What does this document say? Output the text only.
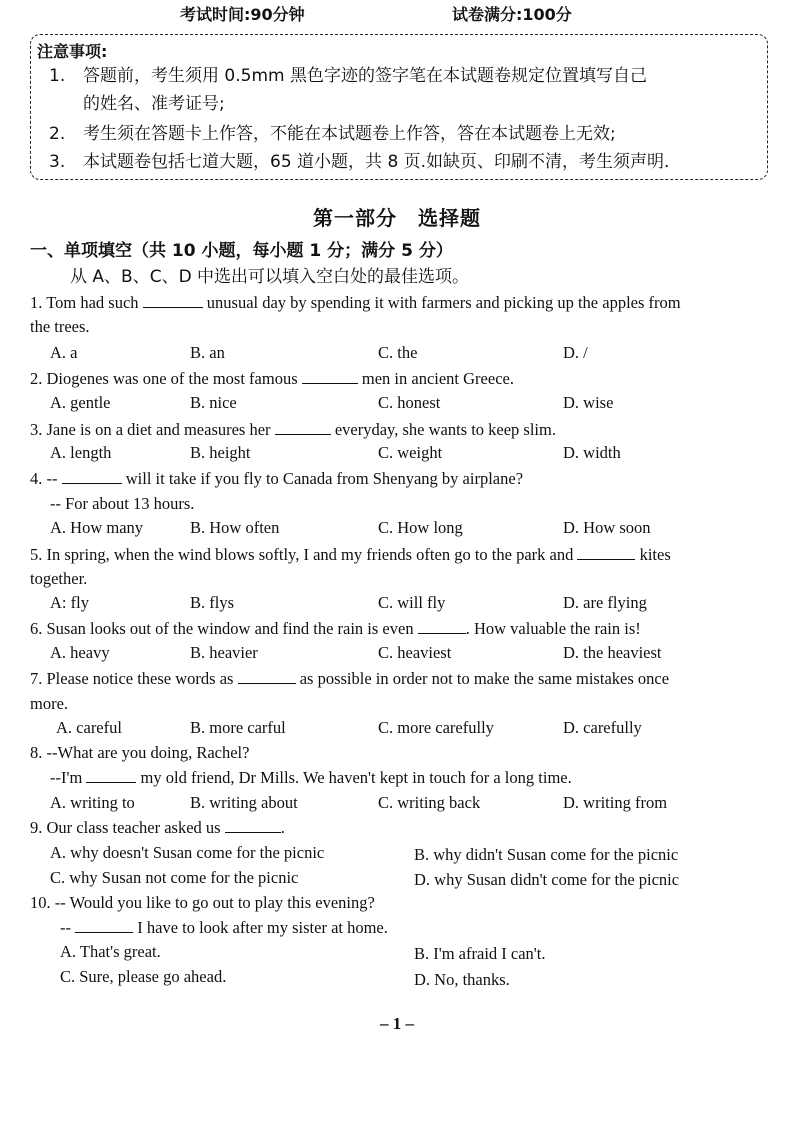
考试时间:90分钟	试卷满分:100分
注意事项:
1.	答题前，考生须用 0.5mm 黑色字迹的签字笔在本试题卷规定位置填写自己
的姓名、准考证号;
2.	考生须在答题卡上作答，不能在本试题卷上作答，答在本试题卷上无效;
3.	本试题卷包括七道大题，65 道小题，共 8 页.如缺页、印刷不清，考生须声明.
第一部分　选择题
一、单项填空（共 10 小题，每小题 1 分；满分 5 分）
从 A、B、C、D 中选出可以填入空白处的最佳选项。
1. Tom had such	unusual day by spending it with farmers and picking up the apples from
the trees.
A. a	B. an	C. the	D. /
2. Diogenes was one of the most famous	men in ancient Greece.
A. gentle	B. nice	C. honest	D. wise
3. Jane is on a diet and measures her	everyday, she wants to keep slim.
A. length	B. height	C. weight	D. width
4. --	will it take if you fly to Canada from Shenyang by airplane?
-- For about 13 hours.
A. How many	B. How often	C. How long	D. How soon
5. In spring, when the wind blows softly, I and my friends often go to the park and	kites
together.
A: fly	B. flys	C. will fly	D. are flying
6. Susan looks out of the window and find the rain is even	. How valuable the rain is!
A. heavy	B. heavier	C. heaviest	D. the heaviest
7. Please notice these words as	as possible in order not to make the same mistakes once
more.
A. careful	B. more carful	C. more carefully	D. carefully
8. --What are you doing, Rachel?
--I'm	my old friend, Dr Mills. We haven't kept in touch for a long time.
A. writing to	B. writing about	C. writing back	D. writing from
9. Our class teacher asked us	.
A. why doesn't Susan come for the picnic	B. why didn't Susan come for the picnic
C. why Susan not come for the picnic	D. why Susan didn't come for the picnic
10. -- Would you like to go out to play this evening?
--	I have to look after my sister at home.
A. That's great.	B. I'm afraid I can't.
C. Sure, please go ahead.	D. No, thanks.
– 1 –
